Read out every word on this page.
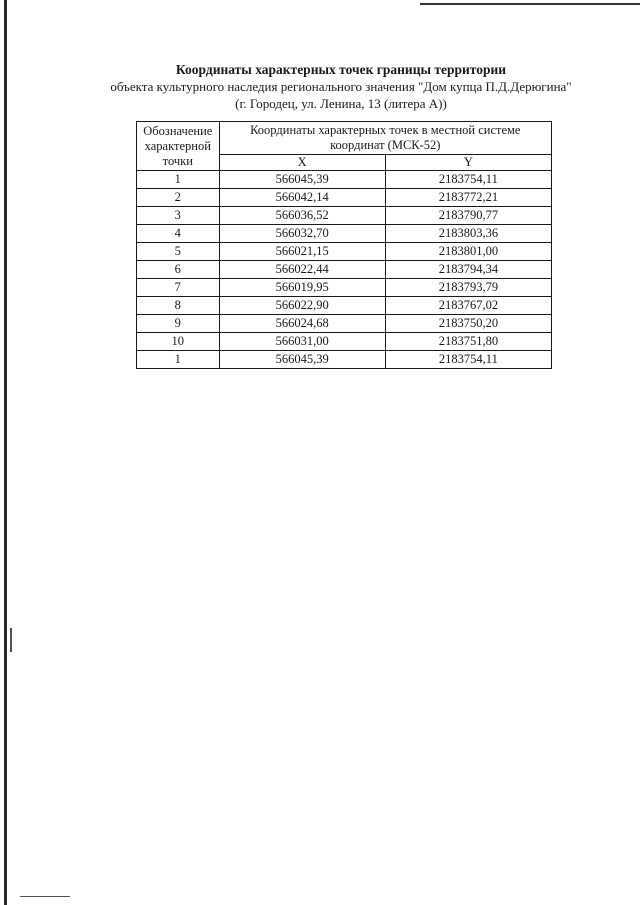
Координаты характерных точек границы территории
объекта культурного наследия регионального значения "Дом купца П.Д.Дерюгина"
(г. Городец, ул. Ленина, 13 (литера А))
Обозначение характерной точки	Координаты характерных точек в местной системе координат (МСК-52)	
	X	Y
1	566045,39	2183754,11
2	566042,14	2183772,21
3	566036,52	2183790,77
4	566032,70	2183803,36
5	566021,15	2183801,00
6	566022,44	2183794,34
7	566019,95	2183793,79
8	566022,90	2183767,02
9	566024,68	2183750,20
10	566031,00	2183751,80
1	566045,39	2183754,11
